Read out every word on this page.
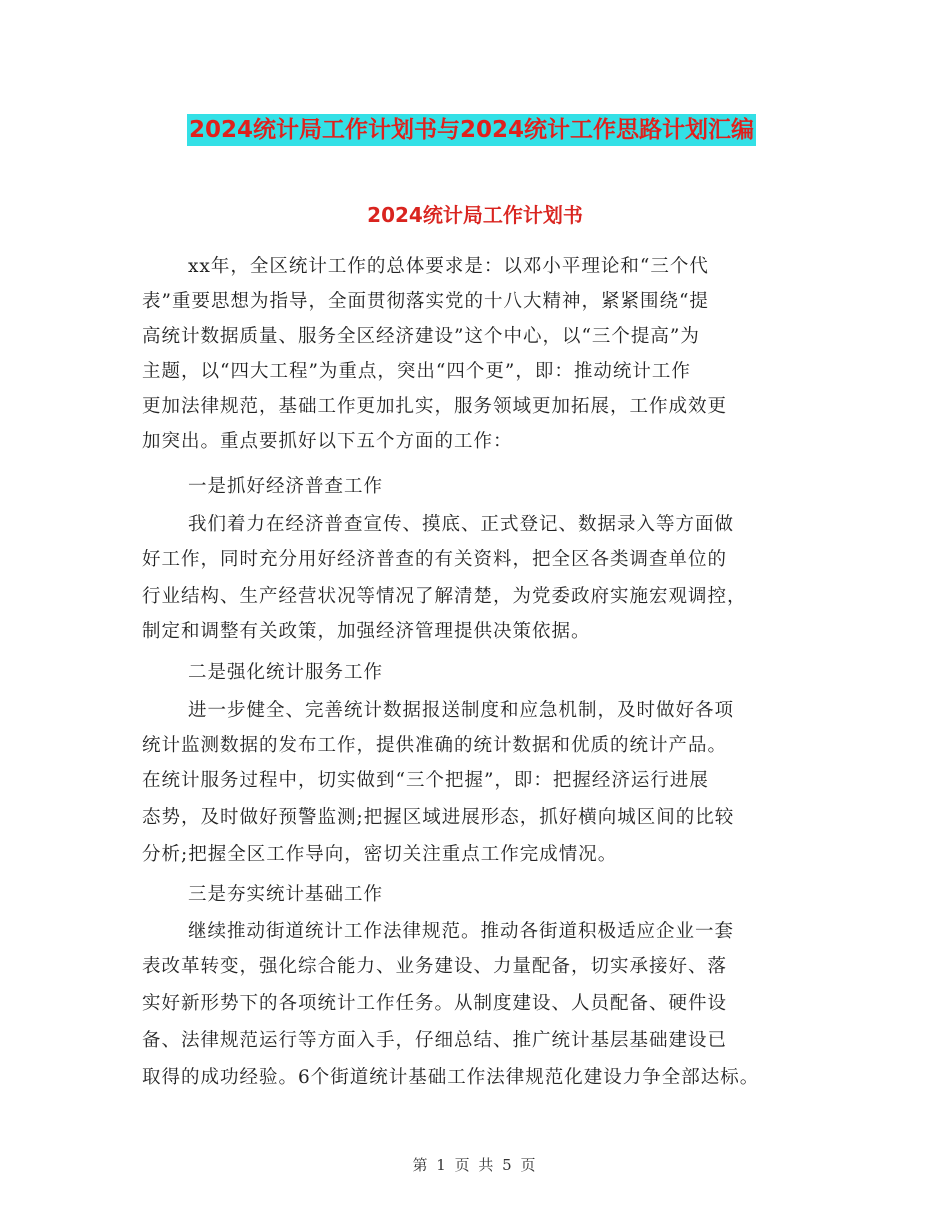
2024统计局工作计划书与2024统计工作思路计划汇编
2024统计局工作计划书
xx年，全区统计工作的总体要求是：以邓小平理论和“三个代
表”重要思想为指导，全面贯彻落实党的十八大精神，紧紧围绕“提
高统计数据质量、服务全区经济建设”这个中心，以“三个提高”为
主题，以“四大工程”为重点，突出“四个更”，即：推动统计工作
更加法律规范，基础工作更加扎实，服务领域更加拓展，工作成效更
加突出。重点要抓好以下五个方面的工作：
一是抓好经济普查工作
我们着力在经济普查宣传、摸底、正式登记、数据录入等方面做
好工作，同时充分用好经济普查的有关资料，把全区各类调查单位的
行业结构、生产经营状况等情况了解清楚，为党委政府实施宏观调控，
制定和调整有关政策，加强经济管理提供决策依据。
二是强化统计服务工作
进一步健全、完善统计数据报送制度和应急机制，及时做好各项
统计监测数据的发布工作，提供准确的统计数据和优质的统计产品。
在统计服务过程中，切实做到“三个把握”，即：把握经济运行进展
态势，及时做好预警监测;把握区域进展形态，抓好横向城区间的比较
分析;把握全区工作导向，密切关注重点工作完成情况。
三是夯实统计基础工作
继续推动街道统计工作法律规范。推动各街道积极适应企业一套
表改革转变，强化综合能力、业务建设、力量配备，切实承接好、落
实好新形势下的各项统计工作任务。从制度建设、人员配备、硬件设
备、法律规范运行等方面入手，仔细总结、推广统计基层基础建设已
取得的成功经验。6个街道统计基础工作法律规范化建设力争全部达标。
第 1 页 共 5 页
